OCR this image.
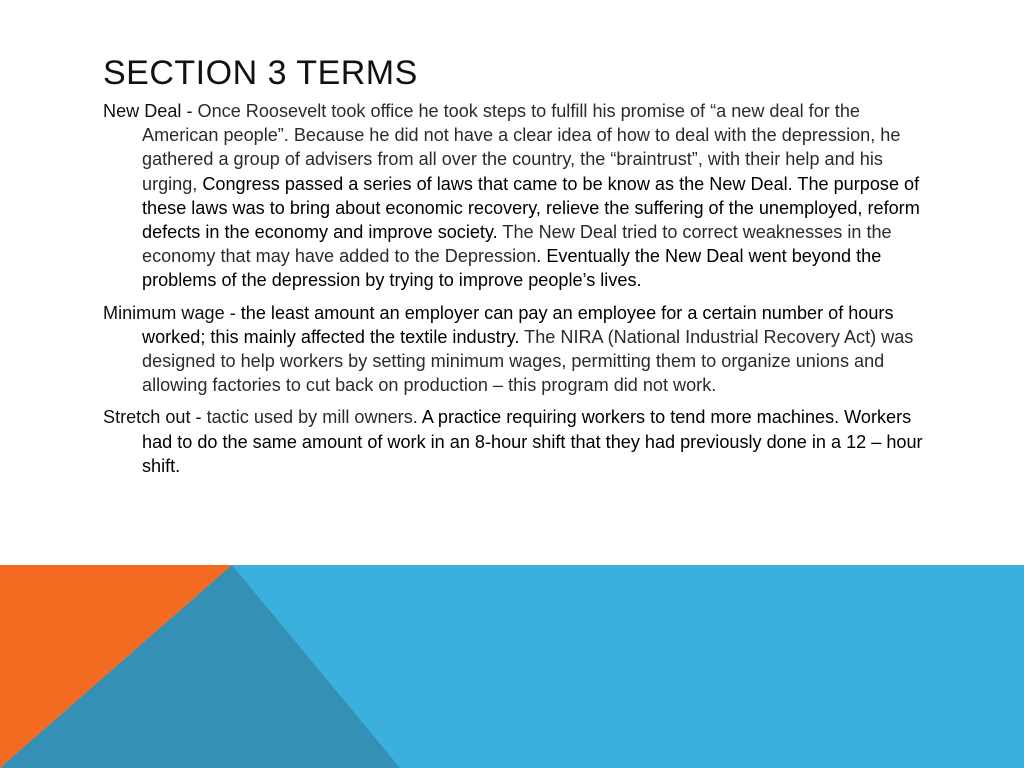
SECTION 3 TERMS

New Deal - Once Roosevelt took office he took steps to fulfill his promise of “a new deal for the American people”. Because he did not have a clear idea of how to deal with the depression, he gathered a group of advisers from all over the country, the “braintrust”, with their help and his urging, Congress passed a series of laws that came to be know as the New Deal. The purpose of these laws was to bring about economic recovery, relieve the suffering of the unemployed, reform defects in the economy and improve society. The New Deal tried to correct weaknesses in the economy that may have added to the Depression. Eventually the New Deal went beyond the problems of the depression by trying to improve people’s lives.

Minimum wage - the least amount an employer can pay an employee for a certain number of hours worked; this mainly affected the textile industry. The NIRA (National Industrial Recovery Act) was designed to help workers by setting minimum wages, permitting them to organize unions and allowing factories to cut back on production – this program did not work.

Stretch out - tactic used by mill owners. A practice requiring workers to tend more machines. Workers had to do the same amount of work in an 8-hour shift that they had previously done in a 12 – hour shift.
